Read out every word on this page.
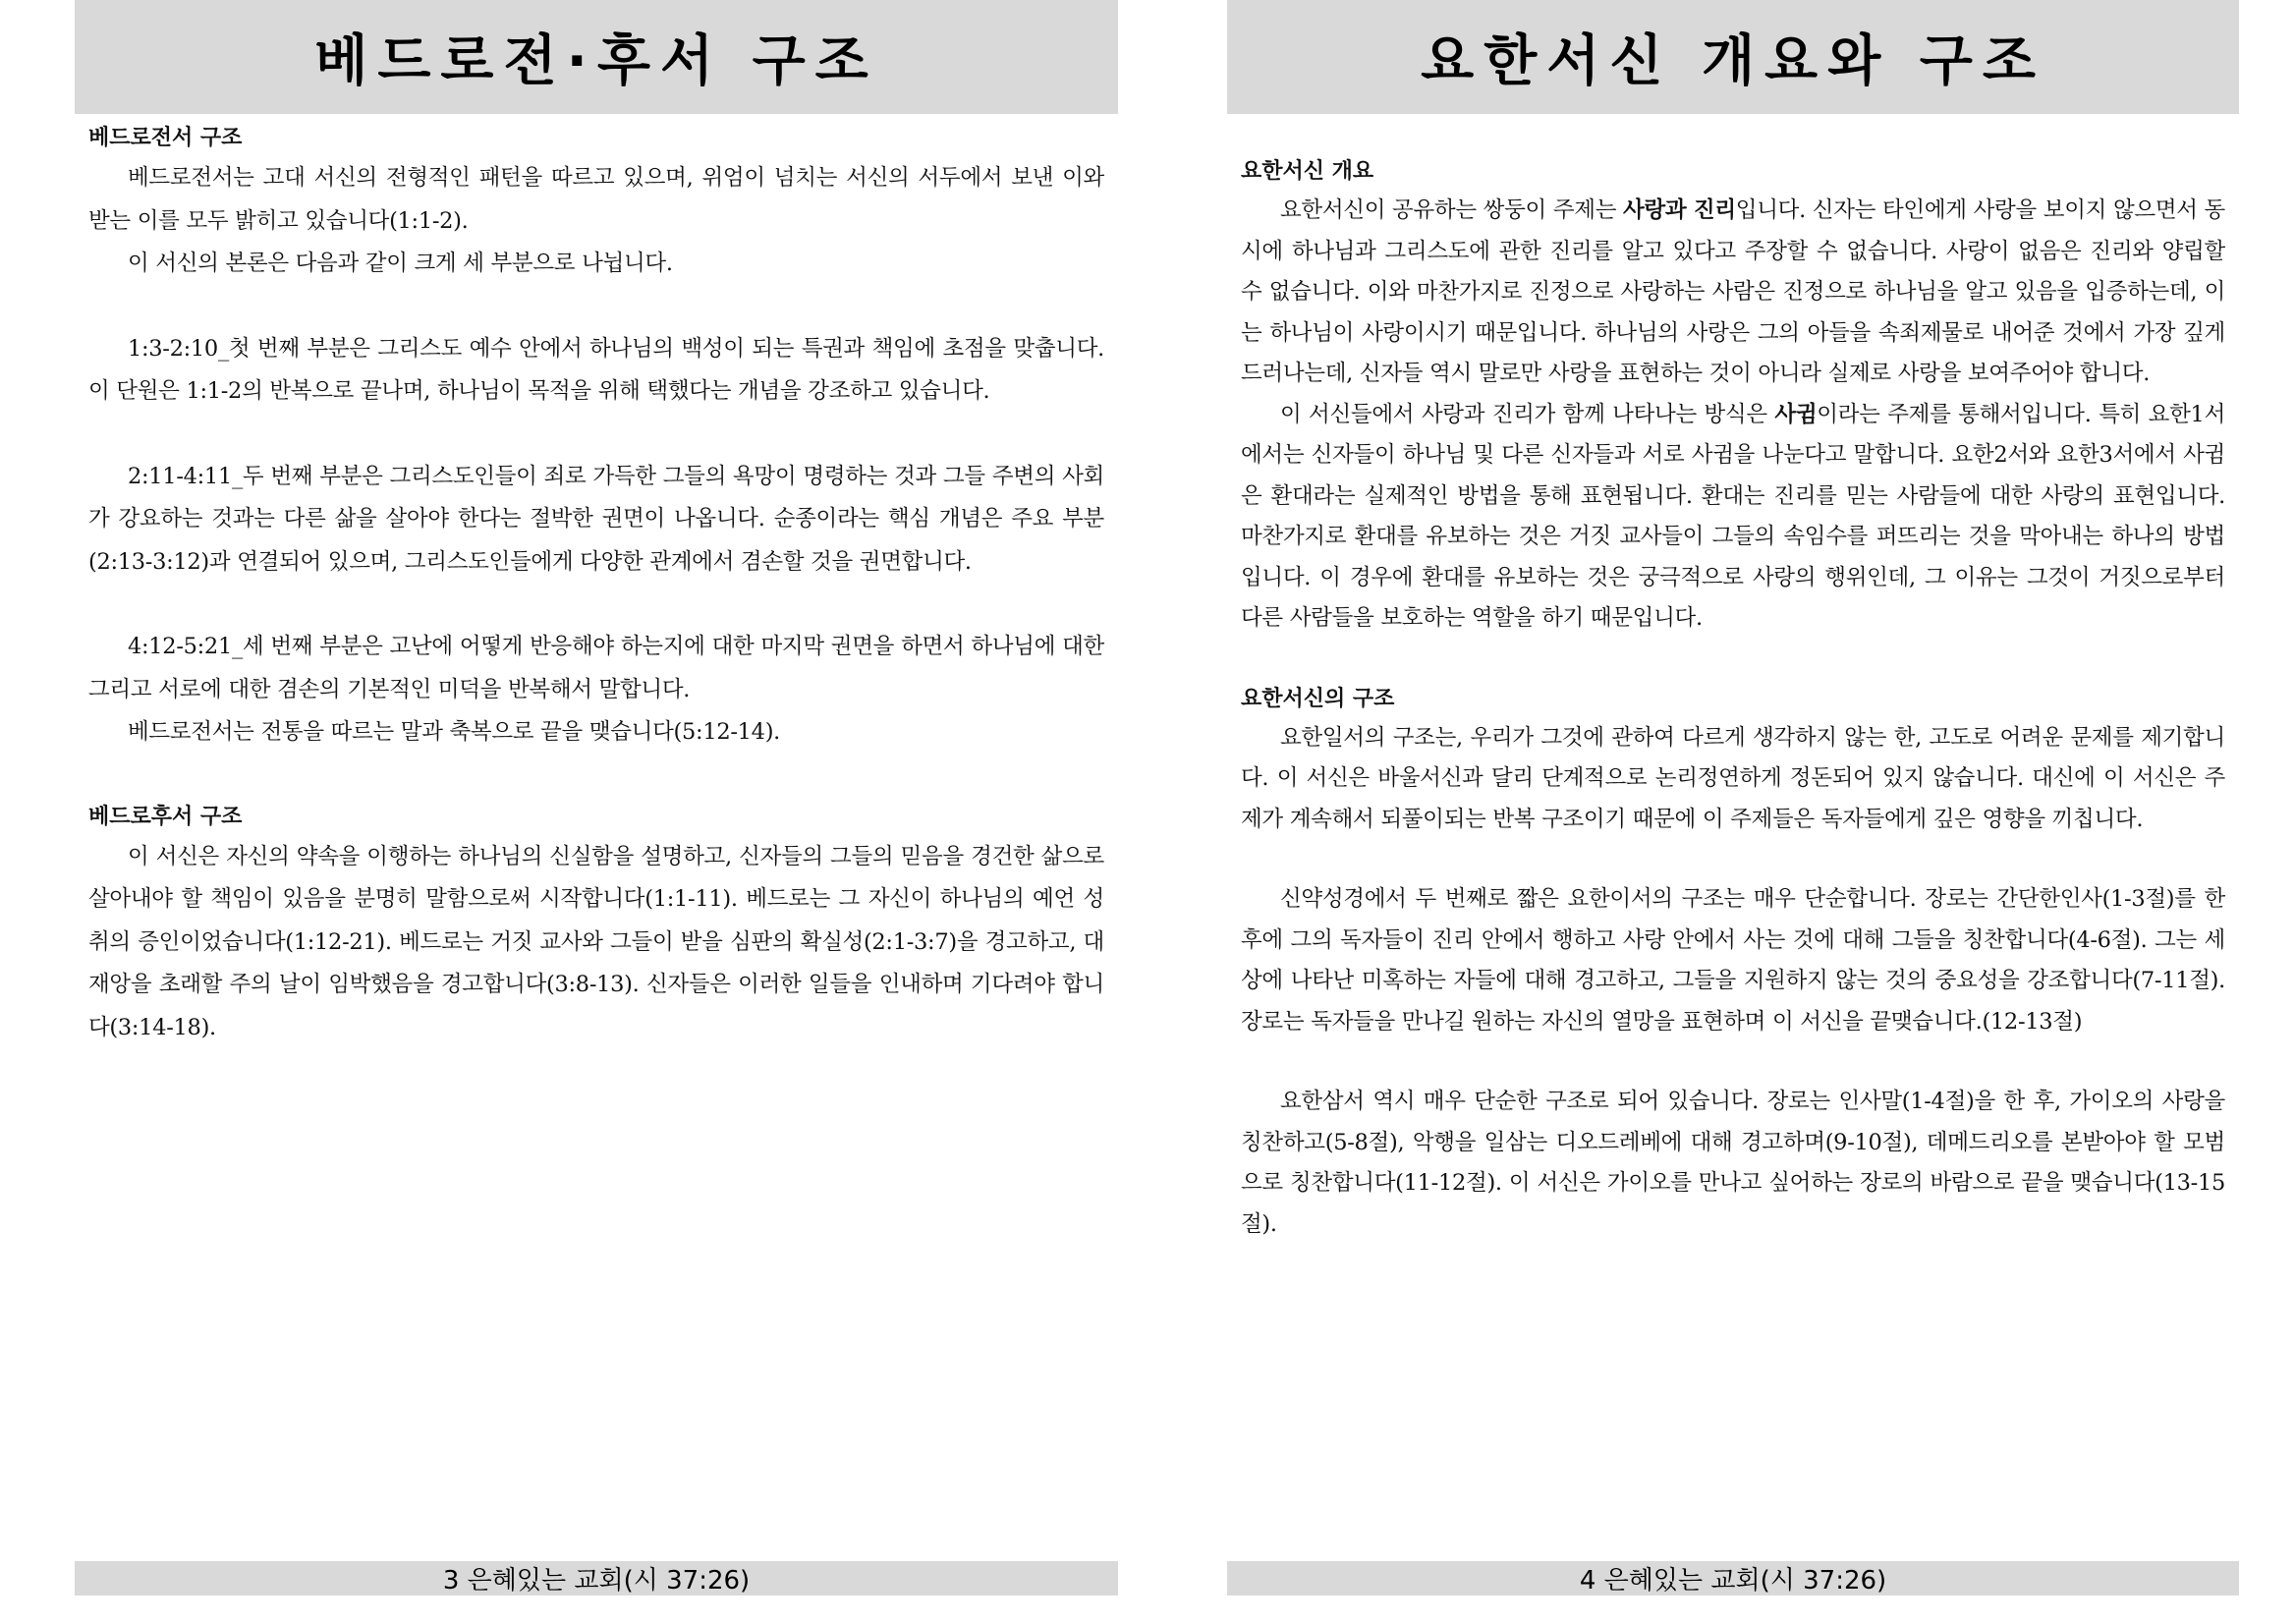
베드로전·후서 구조

베드로전서 구조

베드로전서는 고대 서신의 전형적인 패턴을 따르고 있으며, 위엄이 넘치는 서신의 서두에서 보낸 이와 받는 이를 모두 밝히고 있습니다(1:1-2).

이 서신의 본론은 다음과 같이 크게 세 부분으로 나뉩니다.

1:3-2:10_첫 번째 부분은 그리스도 예수 안에서 하나님의 백성이 되는 특권과 책임에 초점을 맞춥니다. 이 단원은 1:1-2의 반복으로 끝나며, 하나님이 목적을 위해 택했다는 개념을 강조하고 있습니다.

2:11-4:11_두 번째 부분은 그리스도인들이 죄로 가득한 그들의 욕망이 명령하는 것과 그들 주변의 사회가 강요하는 것과는 다른 삶을 살아야 한다는 절박한 권면이 나옵니다. 순종이라는 핵심 개념은 주요 부분(2:13-3:12)과 연결되어 있으며, 그리스도인들에게 다양한 관계에서 겸손할 것을 권면합니다.

4:12-5:21_세 번째 부분은 고난에 어떻게 반응해야 하는지에 대한 마지막 권면을 하면서 하나님에 대한 그리고 서로에 대한 겸손의 기본적인 미덕을 반복해서 말합니다.

베드로전서는 전통을 따르는 말과 축복으로 끝을 맺습니다(5:12-14).

베드로후서 구조

이 서신은 자신의 약속을 이행하는 하나님의 신실함을 설명하고, 신자들의 그들의 믿음을 경건한 삶으로 살아내야 할 책임이 있음을 분명히 말함으로써 시작합니다(1:1-11). 베드로는 그 자신이 하나님의 예언 성취의 증인이었습니다(1:12-21). 베드로는 거짓 교사와 그들이 받을 심판의 확실성(2:1-3:7)을 경고하고, 대재앙을 초래할 주의 날이 임박했음을 경고합니다(3:8-13). 신자들은 이러한 일들을 인내하며 기다려야 합니다(3:14-18).

3 은혜있는 교회(시 37:26)
요한서신 개요와 구조

요한서신 개요

요한서신이 공유하는 쌍둥이 주제는 사랑과 진리입니다. 신자는 타인에게 사랑을 보이지 않으면서 동시에 하나님과 그리스도에 관한 진리를 알고 있다고 주장할 수 없습니다. 사랑이 없음은 진리와 양립할 수 없습니다. 이와 마찬가지로 진정으로 사랑하는 사람은 진정으로 하나님을 알고 있음을 입증하는데, 이는 하나님이 사랑이시기 때문입니다. 하나님의 사랑은 그의 아들을 속죄제물로 내어준 것에서 가장 깊게 드러나는데, 신자들 역시 말로만 사랑을 표현하는 것이 아니라 실제로 사랑을 보여주어야 합니다.

이 서신들에서 사랑과 진리가 함께 나타나는 방식은 사귐이라는 주제를 통해서입니다. 특히 요한1서에서는 신자들이 하나님 및 다른 신자들과 서로 사귐을 나눈다고 말합니다. 요한2서와 요한3서에서 사귐은 환대라는 실제적인 방법을 통해 표현됩니다. 환대는 진리를 믿는 사람들에 대한 사랑의 표현입니다. 마찬가지로 환대를 유보하는 것은 거짓 교사들이 그들의 속임수를 퍼뜨리는 것을 막아내는 하나의 방법입니다. 이 경우에 환대를 유보하는 것은 궁극적으로 사랑의 행위인데, 그 이유는 그것이 거짓으로부터 다른 사람들을 보호하는 역할을 하기 때문입니다.

요한서신의 구조

요한일서의 구조는, 우리가 그것에 관하여 다르게 생각하지 않는 한, 고도로 어려운 문제를 제기합니다. 이 서신은 바울서신과 달리 단계적으로 논리정연하게 정돈되어 있지 않습니다. 대신에 이 서신은 주제가 계속해서 되풀이되는 반복 구조이기 때문에 이 주제들은 독자들에게 깊은 영향을 끼칩니다.

신약성경에서 두 번째로 짧은 요한이서의 구조는 매우 단순합니다. 장로는 간단한인사(1-3절)를 한 후에 그의 독자들이 진리 안에서 행하고 사랑 안에서 사는 것에 대해 그들을 칭찬합니다(4-6절). 그는 세상에 나타난 미혹하는 자들에 대해 경고하고, 그들을 지원하지 않는 것의 중요성을 강조합니다(7-11절). 장로는 독자들을 만나길 원하는 자신의 열망을 표현하며 이 서신을 끝맺습니다.(12-13절)

요한삼서 역시 매우 단순한 구조로 되어 있습니다. 장로는 인사말(1-4절)을 한 후, 가이오의 사랑을 칭찬하고(5-8절), 악행을 일삼는 디오드레베에 대해 경고하며(9-10절), 데메드리오를 본받아야 할 모범으로 칭찬합니다(11-12절). 이 서신은 가이오를 만나고 싶어하는 장로의 바람으로 끝을 맺습니다(13-15절).

4 은혜있는 교회(시 37:26)
